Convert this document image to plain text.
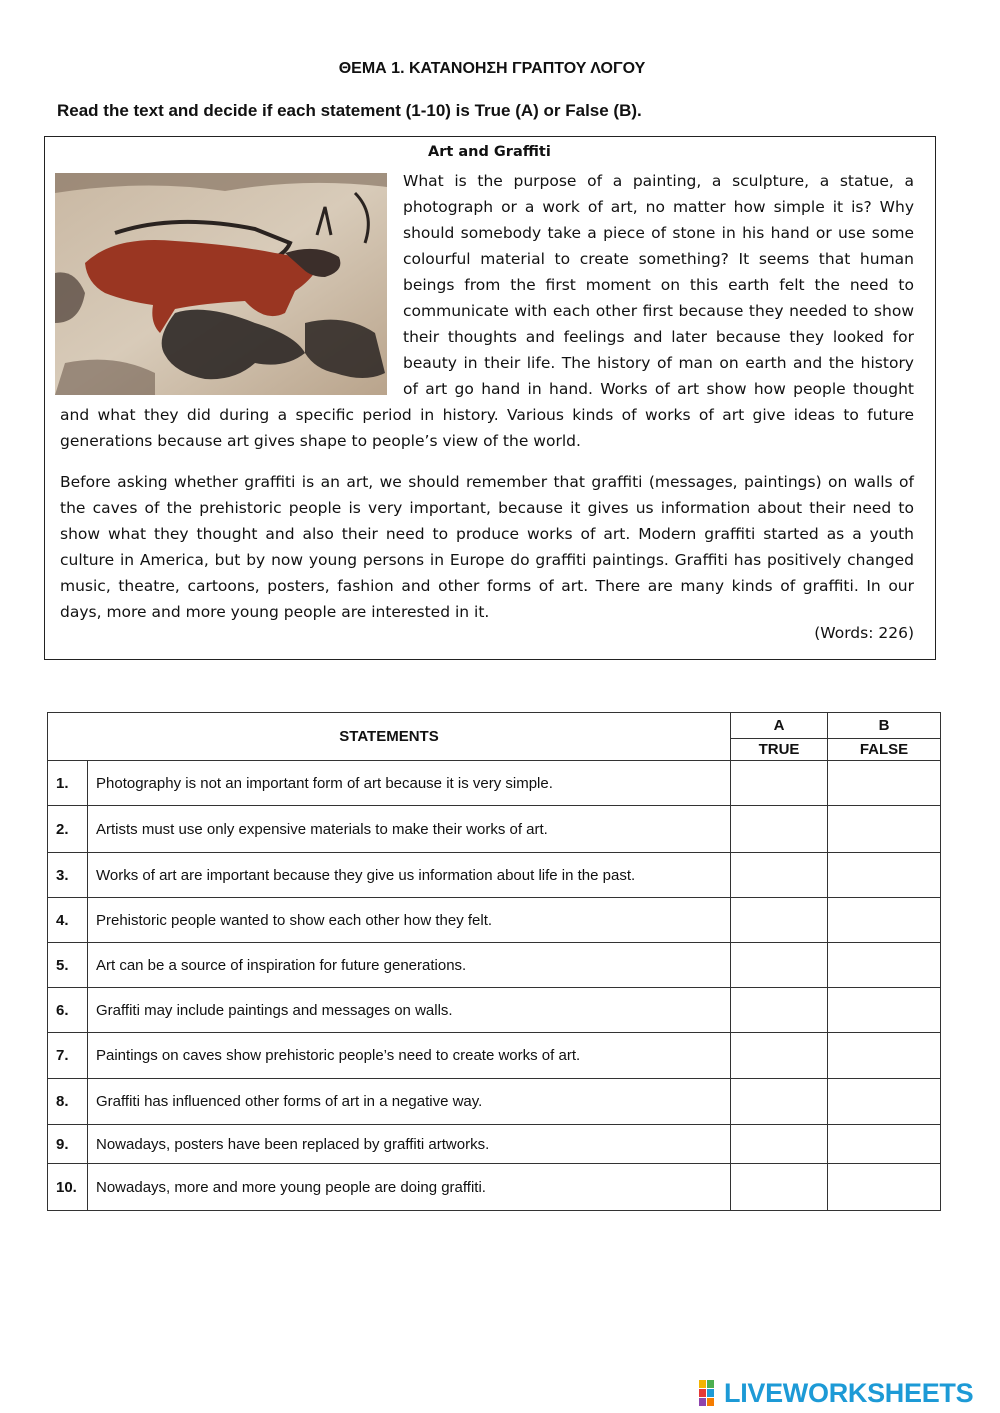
ΘΕΜΑ 1. ΚΑΤΑΝΟΗΣΗ ΓΡΑΠΤΟΥ ΛΟΓΟΥ
Read the text and decide if each statement (1-10) is True (A) or False (B).
Art and Graffiti

What is the purpose of a painting, a sculpture, a statue, a photograph or a work of art, no matter how simple it is? Why should somebody take a piece of stone in his hand or use some colourful material to create something? It seems that human beings from the first moment on this earth felt the need to communicate with each other first because they needed to show their thoughts and feelings and later because they looked for beauty in their life. The history of man on earth and the history of art go hand in hand. Works of art show how people thought and what they did during a specific period in history. Various kinds of works of art give ideas to future generations because art gives shape to people’s view of the world.

Before asking whether graffiti is an art, we should remember that graffiti (messages, paintings) on walls of the caves of the prehistoric people is very important, because it gives us information about their need to show what they thought and also their need to produce works of art. Modern graffiti started as a youth culture in America, but by now young persons in Europe do graffiti paintings. Graffiti has positively changed music, theatre, cartoons, posters, fashion and other forms of art. There are many kinds of graffiti. In our days, more and more young people are interested in it.

(Words: 226)
STATEMENTS		A	B
		TRUE	FALSE
1.	Photography is not an important form of art because it is very simple.		
2.	Artists must use only expensive materials to make their works of art.		
3.	Works of art are important because they give us information about life in the past.		
4.	Prehistoric people wanted to show each other how they felt.		
5.	Art can be a source of inspiration for future generations.		
6.	Graffiti may include paintings and messages on walls.		
7.	Paintings on caves show prehistoric people’s need to create works of art.		
8.	Graffiti has influenced other forms of art in a negative way.		
9.	Nowadays, posters have been replaced by graffiti artworks.		
10.	Nowadays, more and more young people are doing graffiti.		
LIVEWORKSHEETS
